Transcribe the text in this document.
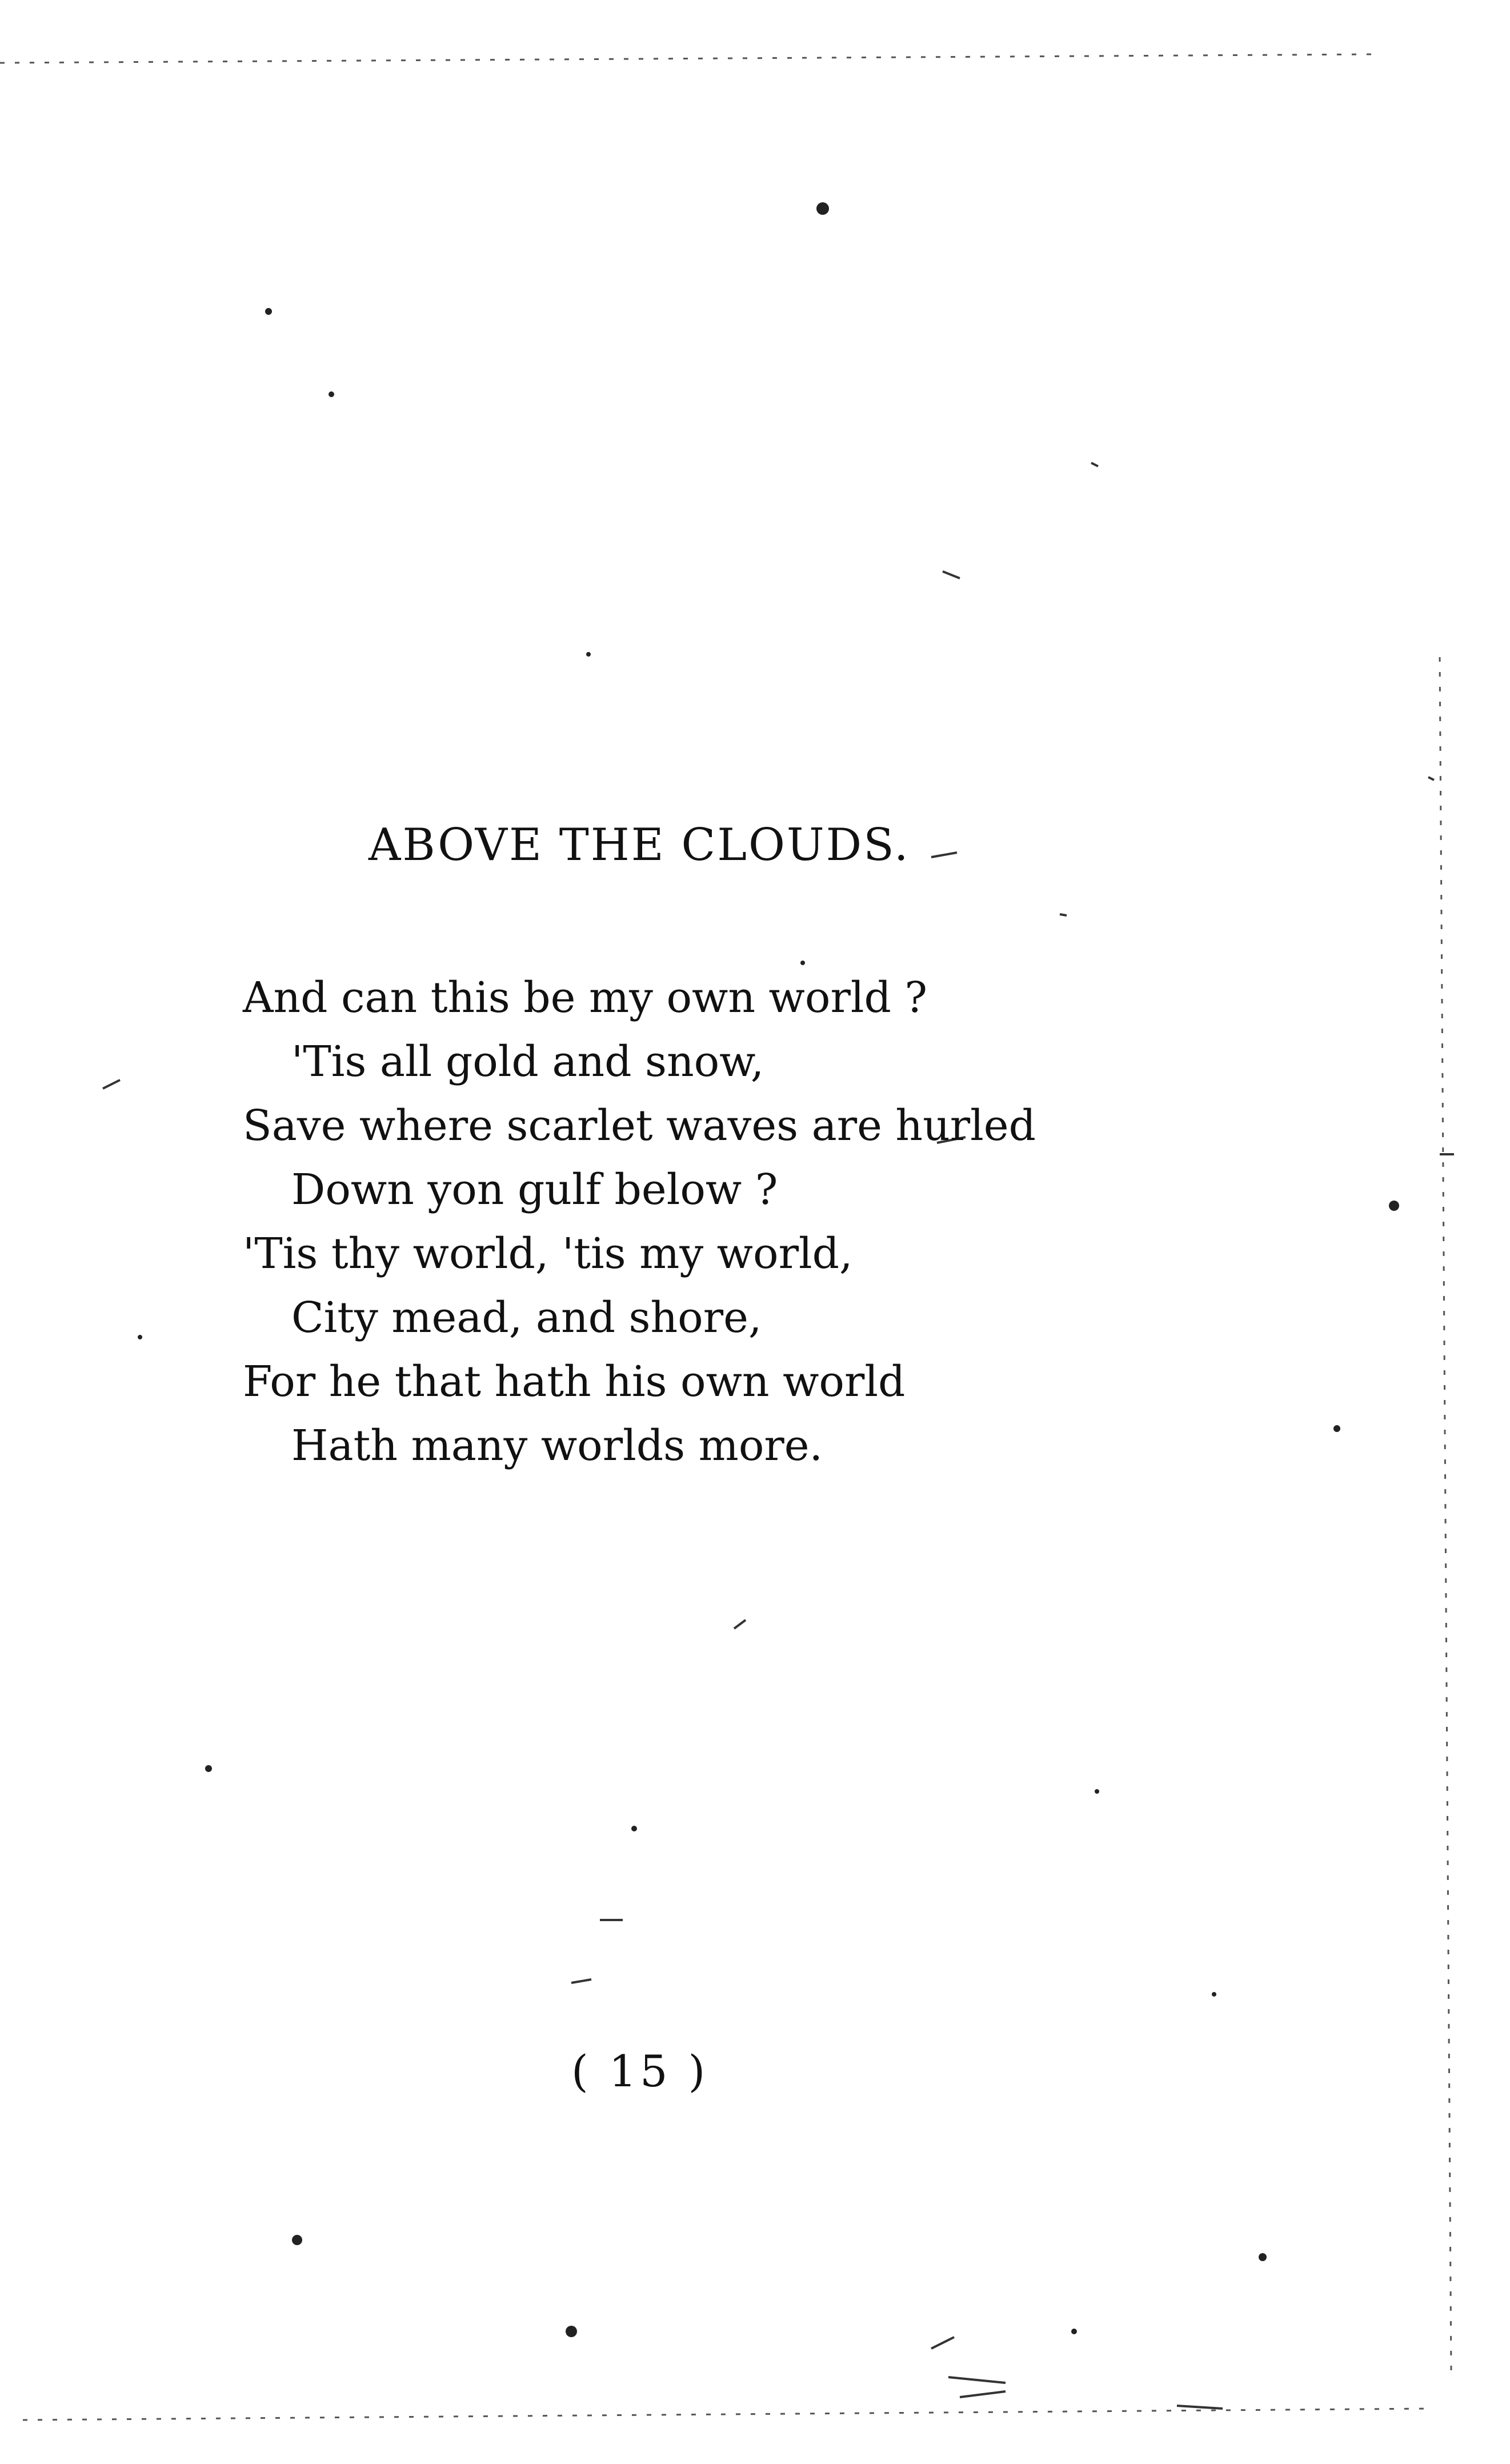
ABOVE THE CLOUDS.
And can this be my own world ?
'Tis all gold and snow,
Save where scarlet waves are hurled
Down yon gulf below ?
'Tis thy world, 'tis my world,
City mead, and shore,
For he that hath his own world
Hath many worlds more.
( 15 )
